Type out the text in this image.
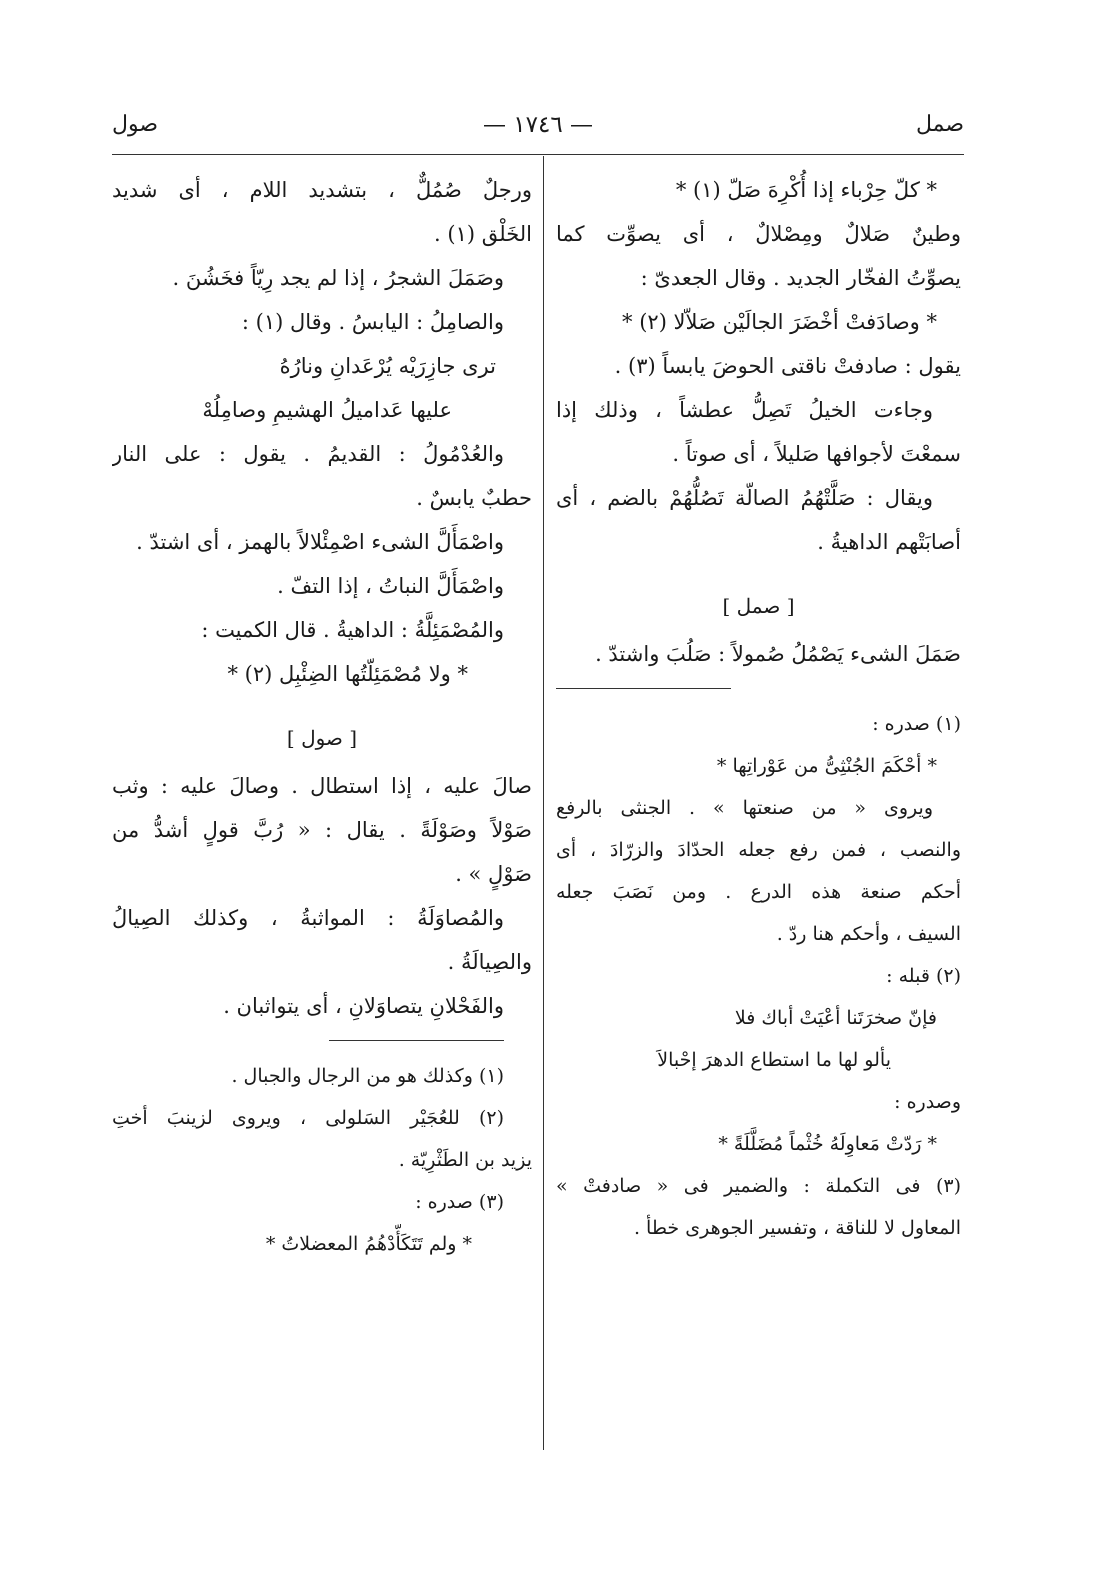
صمل
— ١٧٤٦ —
صول
* كلّ حِرْباء إذا أُكْرِهَ صَلّ (١) *
وطينٌ صَلالٌ ومِصْلالٌ ، أى يصوِّت كما
يصوِّتُ الفخّار الجديد . وقال الجعدىّ :
* وصادَفتْ أخْضَرَ الجالَيْن صَلاّلا (٢) *
يقول : صادفتْ ناقتى الحوضَ يابساً (٣) .
وجاءت الخيلُ تَصِلُّ عطشاً ، وذلك إذا
سمعْتَ لأجوافها صَليلاً ، أى صوتاً .
ويقال : صَلَّتْهُمُ الصالّة تَصُلُّهُمْ بالضم ، أى
أصابَتْهم الداهيةُ .
[ صمل ]
صَمَلَ الشىء يَصْمُلُ صُمولاً : صَلُبَ واشتدّ .
(١) صدره :
* أحْكَمَ الجُنْثِىُّ من عَوْراتِها *
ويروى « من صنعتها » . الجنثى بالرفع
والنصب ، فمن رفع جعله الحدّادَ والزرّادَ ، أى
أحكم صنعة هذه الدرع . ومن نَصَبَ جعله
السيف ، وأحكم هنا ردّ .
(٢) قبله :
فإنّ صخرَتَنا أعْيَتْ أباك فلا
يألو لها ما استطاع الدهرَ إحْبالاَ
وصدره :
* رَدّتْ مَعاوِلَهُ خُثْماً مُضَلَّلَةً *
(٣) فى التكملة : والضمير فى « صادفتْ »
المعاول لا للناقة ، وتفسير الجوهرى خطأ .
ورجلٌ صُمُلٌّ ، بتشديد اللام ، أى شديد
الخَلْق (١) .
وصَمَلَ الشجرُ ، إذا لم يجد رِيّاً فخَشُنَ .
والصامِلُ : اليابسُ . وقال (١) :
ترى جازِرَيْه يُرْعَدانِ ونارُهُ
عليها عَداميلُ الهشيمِ وصامِلُهْ
والعُدْمُولُ : القديمُ . يقول : على النار
حطبٌ يابسٌ .
واصْمَأَلَّ الشىء اصْمِئْلالاً بالهمز ، أى اشتدّ .
واصْمَأَلَّ النباتُ ، إذا التفّ .
والمُصْمَئِلَّةُ : الداهيةُ . قال الكميت :
* ولا مُصْمَئِلّتُها الضِئْبِل (٢) *
[ صول ]
صالَ عليه ، إذا استطال . وصالَ عليه : وثب
صَوْلاً وصَوْلَةً . يقال : « رُبَّ قولٍ أشدُّ من
صَوْلٍ » .
والمُصاوَلَةُ : المواثبةُ ، وكذلك الصِيالُ
والصِيالَةُ .
والفَحْلانِ يتصاوَلانِ ، أى يتواثبان .
(١) وكذلك هو من الرجال والجبال .
(٢) للعُجَيْر السَلولى ، ويروى لزينبَ أختِ
يزيد بن الطَثْرِيّة .
(٣) صدره :
* ولم تَتَكَأّدْهُمُ المعضلاتُ *
